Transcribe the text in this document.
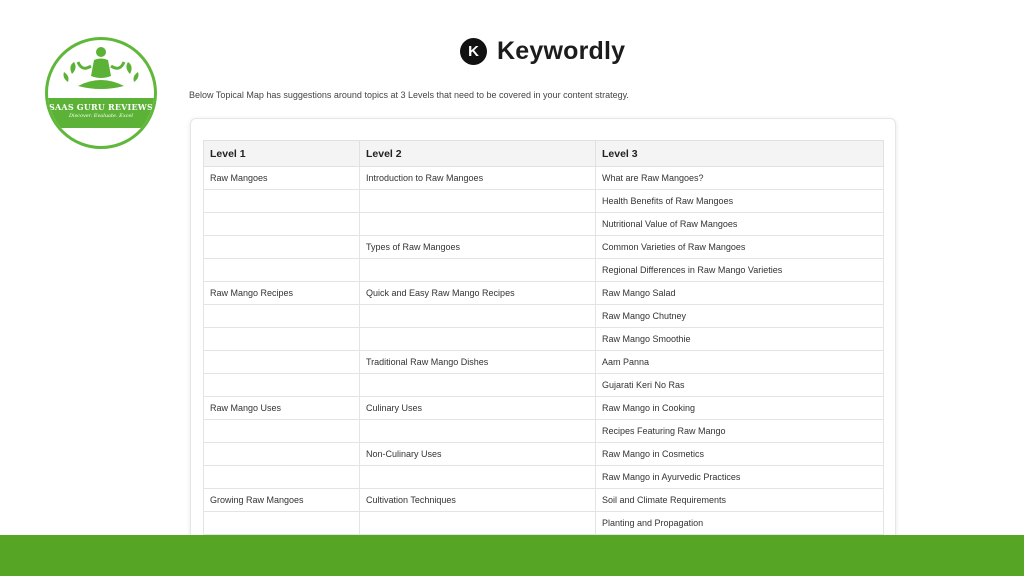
SAAS GURU REVIEWS
Discover. Evaluate. Excel
K Keywordly
Below Topical Map has suggestions around topics at 3 Levels that need to be covered in your content strategy.
Level 1	Level 2	Level 3
Raw Mangoes	Introduction to Raw Mangoes	What are Raw Mangoes?
		Health Benefits of Raw Mangoes
		Nutritional Value of Raw Mangoes
	Types of Raw Mangoes	Common Varieties of Raw Mangoes
		Regional Differences in Raw Mango Varieties
Raw Mango Recipes	Quick and Easy Raw Mango Recipes	Raw Mango Salad
		Raw Mango Chutney
		Raw Mango Smoothie
	Traditional Raw Mango Dishes	Aam Panna
		Gujarati Keri No Ras
Raw Mango Uses	Culinary Uses	Raw Mango in Cooking
		Recipes Featuring Raw Mango
	Non-Culinary Uses	Raw Mango in Cosmetics
		Raw Mango in Ayurvedic Practices
Growing Raw Mangoes	Cultivation Techniques	Soil and Climate Requirements
		Planting and Propagation
